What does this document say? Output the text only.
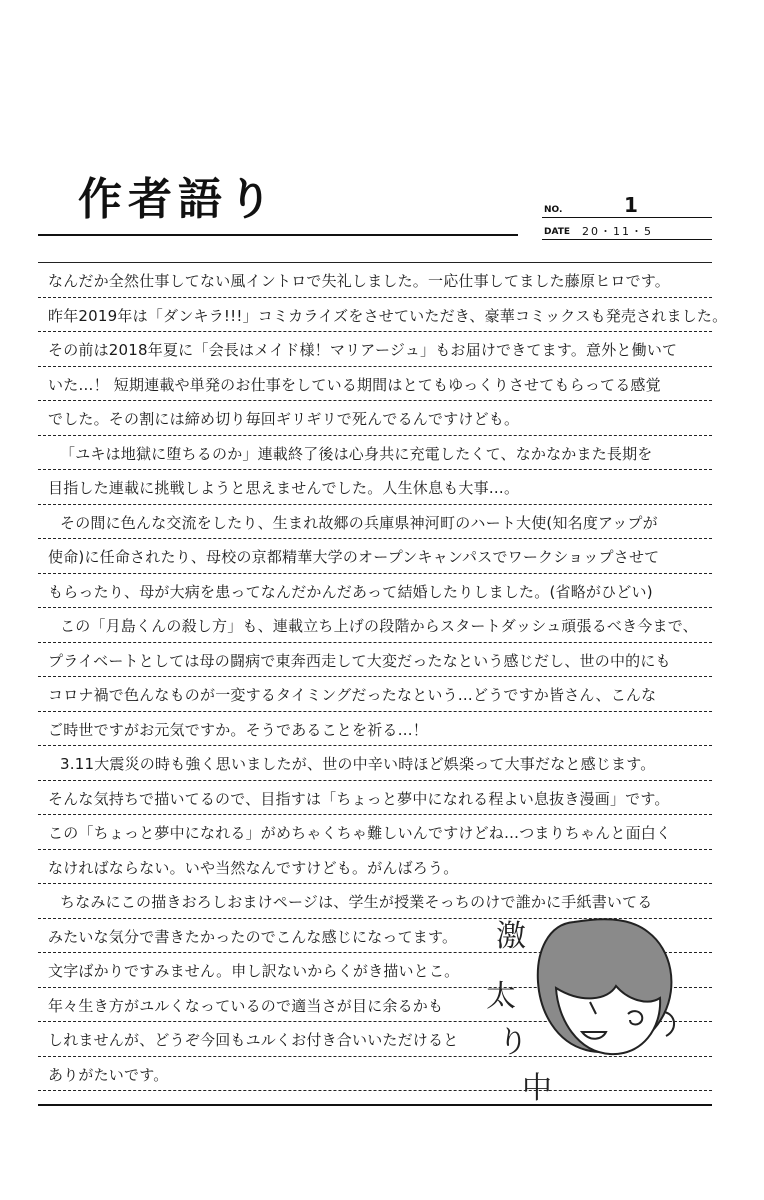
作者語り	NO.	1
DATE 20・11・5
なんだか全然仕事してない風イントロで失礼しました。一応仕事してました藤原ヒロです。
昨年2019年は「ダンキラ!!!」コミカライズをさせていただき、豪華コミックスも発売されました。
その前は2018年夏に「会長はメイド様！マリアージュ」もお届けできてます。意外と働いて
いた…！ 短期連載や単発のお仕事をしている期間はとてもゆっくりさせてもらってる感覚
でした。その割には締め切り毎回ギリギリで死んでるんですけども。
「ユキは地獄に堕ちるのか」連載終了後は心身共に充電したくて、なかなかまた長期を
目指した連載に挑戦しようと思えませんでした。人生休息も大事…。
その間に色んな交流をしたり、生まれ故郷の兵庫県神河町のハート大使(知名度アップが
使命)に任命されたり、母校の京都精華大学のオープンキャンパスでワークショップさせて
もらったり、母が大病を患ってなんだかんだあって結婚したりしました。(省略がひどい)
この「月島くんの殺し方」も、連載立ち上げの段階からスタートダッシュ頑張るべき今まで、
プライベートとしては母の闘病で東奔西走して大変だったなという感じだし、世の中的にも
コロナ禍で色んなものが一変するタイミングだったなという…どうですか皆さん、こんな
ご時世ですがお元気ですか。そうであることを祈る…！
3.11大震災の時も強く思いましたが、世の中辛い時ほど娯楽って大事だなと感じます。
そんな気持ちで描いてるので、目指すは「ちょっと夢中になれる程よい息抜き漫画」です。
この「ちょっと夢中になれる」がめちゃくちゃ難しいんですけどね…つまりちゃんと面白く
なければならない。いや当然なんですけども。がんばろう。
ちなみにこの描きおろしおまけページは、学生が授業そっちのけで誰かに手紙書いてる
みたいな気分で書きたかったのでこんな感じになってます。
文字ばかりですみません。申し訳ないからくがき描いとこ。
年々生き方がユルくなっているので適当さが目に余るかも
しれませんが、どうぞ今回もユルくお付き合いいただけると
ありがたいです。
激
太
り
中
